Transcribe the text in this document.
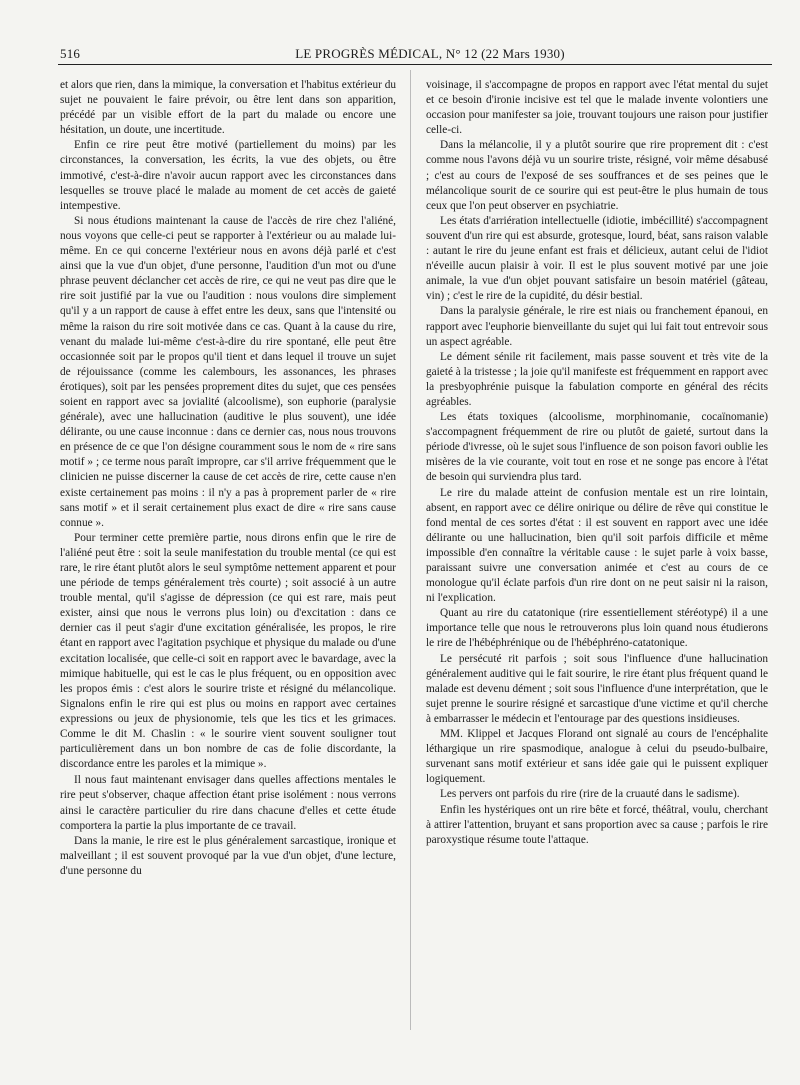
516	LE PROGRÈS MÉDICAL, N° 12 (22 Mars 1930)

et alors que rien, dans la mimique, la conversation et l'habitus extérieur du sujet ne pouvaient le faire prévoir, ou être lent dans son apparition, précédé par un visible effort de la part du malade ou encore une hésitation, un doute, une incertitude.

Enfin ce rire peut être motivé (partiellement du moins) par les circonstances, la conversation, les écrits, la vue des objets, ou être immotivé, c'est-à-dire n'avoir aucun rapport avec les circonstances dans lesquelles se trouve placé le malade au moment de cet accès de gaieté intempestive.

Si nous étudions maintenant la cause de l'accès de rire chez l'aliéné, nous voyons que celle-ci peut se rapporter à l'extérieur ou au malade lui-même. En ce qui concerne l'extérieur nous en avons déjà parlé et c'est ainsi que la vue d'un objet, d'une personne, l'audition d'un mot ou d'une phrase peuvent déclancher cet accès de rire, ce qui ne veut pas dire que le rire soit justifié par la vue ou l'audition : nous voulons dire simplement qu'il y a un rapport de cause à effet entre les deux, sans que l'intensité ou même la raison du rire soit motivée dans ce cas. Quant à la cause du rire, venant du malade lui-même c'est-à-dire du rire spontané, elle peut être occasionnée soit par le propos qu'il tient et dans lequel il trouve un sujet de réjouissance (comme les calembours, les assonances, les phrases érotiques), soit par les pensées proprement dites du sujet, que ces pensées soient en rapport avec sa jovialité (alcoolisme), son euphorie (paralysie générale), avec une hallucination (auditive le plus souvent), une idée délirante, ou une cause inconnue : dans ce dernier cas, nous nous trouvons en présence de ce que l'on désigne couramment sous le nom de « rire sans motif » ; ce terme nous paraît impropre, car s'il arrive fréquemment que le clinicien ne puisse discerner la cause de cet accès de rire, cette cause n'en existe certainement pas moins : il n'y a pas à proprement parler de « rire sans motif » et il serait certainement plus exact de dire « rire sans cause connue ».

Pour terminer cette première partie, nous dirons enfin que le rire de l'aliéné peut être : soit la seule manifestation du trouble mental (ce qui est rare, le rire étant plutôt alors le seul symptôme nettement apparent et pour une période de temps généralement très courte) ; soit associé à un autre trouble mental, qu'il s'agisse de dépression (ce qui est rare, mais peut exister, ainsi que nous le verrons plus loin) ou d'excitation : dans ce dernier cas il peut s'agir d'une excitation généralisée, les propos, le rire étant en rapport avec l'agitation psychique et physique du malade ou d'une excitation localisée, que celle-ci soit en rapport avec le bavardage, avec la mimique habituelle, qui est le cas le plus fréquent, ou en opposition avec les propos émis : c'est alors le sourire triste et résigné du mélancolique. Signalons enfin le rire qui est plus ou moins en rapport avec certaines expressions ou jeux de physionomie, tels que les tics et les grimaces. Comme le dit M. Chaslin : « le sourire vient souvent souligner tout particulièrement dans un bon nombre de cas de folie discordante, la discordance entre les paroles et la mimique ».

Il nous faut maintenant envisager dans quelles affections mentales le rire peut s'observer, chaque affection étant prise isolément : nous verrons ainsi le caractère particulier du rire dans chacune d'elles et cette étude comportera la partie la plus importante de ce travail.

Dans la manie, le rire est le plus généralement sarcastique, ironique et malveillant ; il est souvent provoqué par la vue d'un objet, d'une lecture, d'une personne du

voisinage, il s'accompagne de propos en rapport avec l'état mental du sujet et ce besoin d'ironie incisive est tel que le malade invente volontiers une occasion pour manifester sa joie, trouvant toujours une raison pour justifier celle-ci.

Dans la mélancolie, il y a plutôt sourire que rire proprement dit : c'est comme nous l'avons déjà vu un sourire triste, résigné, voir même désabusé ; c'est au cours de l'exposé de ses souffrances et de ses peines que le mélancolique sourit de ce sourire qui est peut-être le plus humain de tous ceux que l'on peut observer en psychiatrie.

Les états d'arriération intellectuelle (idiotie, imbécillité) s'accompagnent souvent d'un rire qui est absurde, grotesque, lourd, béat, sans raison valable : autant le rire du jeune enfant est frais et délicieux, autant celui de l'idiot n'éveille aucun plaisir à voir. Il est le plus souvent motivé par une joie animale, la vue d'un objet pouvant satisfaire un besoin matériel (gâteau, vin) ; c'est le rire de la cupidité, du désir bestial.

Dans la paralysie générale, le rire est niais ou franchement épanoui, en rapport avec l'euphorie bienveillante du sujet qui lui fait tout entrevoir sous un aspect agréable.

Le dément sénile rit facilement, mais passe souvent et très vite de la gaieté à la tristesse ; la joie qu'il manifeste est fréquemment en rapport avec la presbyophrénie puisque la fabulation comporte en général des récits agréables.

Les états toxiques (alcoolisme, morphinomanie, cocaïnomanie) s'accompagnent fréquemment de rire ou plutôt de gaieté, surtout dans la période d'ivresse, où le sujet sous l'influence de son poison favori oublie les misères de la vie courante, voit tout en rose et ne songe pas encore à l'état de besoin qui surviendra plus tard.

Le rire du malade atteint de confusion mentale est un rire lointain, absent, en rapport avec ce délire onirique ou délire de rêve qui constitue le fond mental de ces sortes d'état : il est souvent en rapport avec une idée délirante ou une hallucination, bien qu'il soit parfois difficile et même impossible d'en connaître la véritable cause : le sujet parle à voix basse, paraissant suivre une conversation animée et c'est au cours de ce monologue qu'il éclate parfois d'un rire dont on ne peut saisir ni la raison, ni l'explication.

Quant au rire du catatonique (rire essentiellement stéréotypé) il a une importance telle que nous le retrouverons plus loin quand nous étudierons le rire de l'hébéphrénique ou de l'hébéphréno-catatonique.

Le persécuté rit parfois ; soit sous l'influence d'une hallucination généralement auditive qui le fait sourire, le rire étant plus fréquent quand le malade est devenu dément ; soit sous l'influence d'une interprétation, que le sujet prenne le sourire résigné et sarcastique d'une victime et qu'il cherche à embarrasser le médecin et l'entourage par des questions insidieuses.

MM. Klippel et Jacques Florand ont signalé au cours de l'encéphalite léthargique un rire spasmodique, analogue à celui du pseudo-bulbaire, survenant sans motif extérieur et sans idée gaie qui le puissent expliquer logiquement.

Les pervers ont parfois du rire (rire de la cruauté dans le sadisme).

Enfin les hystériques ont un rire bête et forcé, théâtral, voulu, cherchant à attirer l'attention, bruyant et sans proportion avec sa cause ; parfois le rire paroxystique résume toute l'attaque.
